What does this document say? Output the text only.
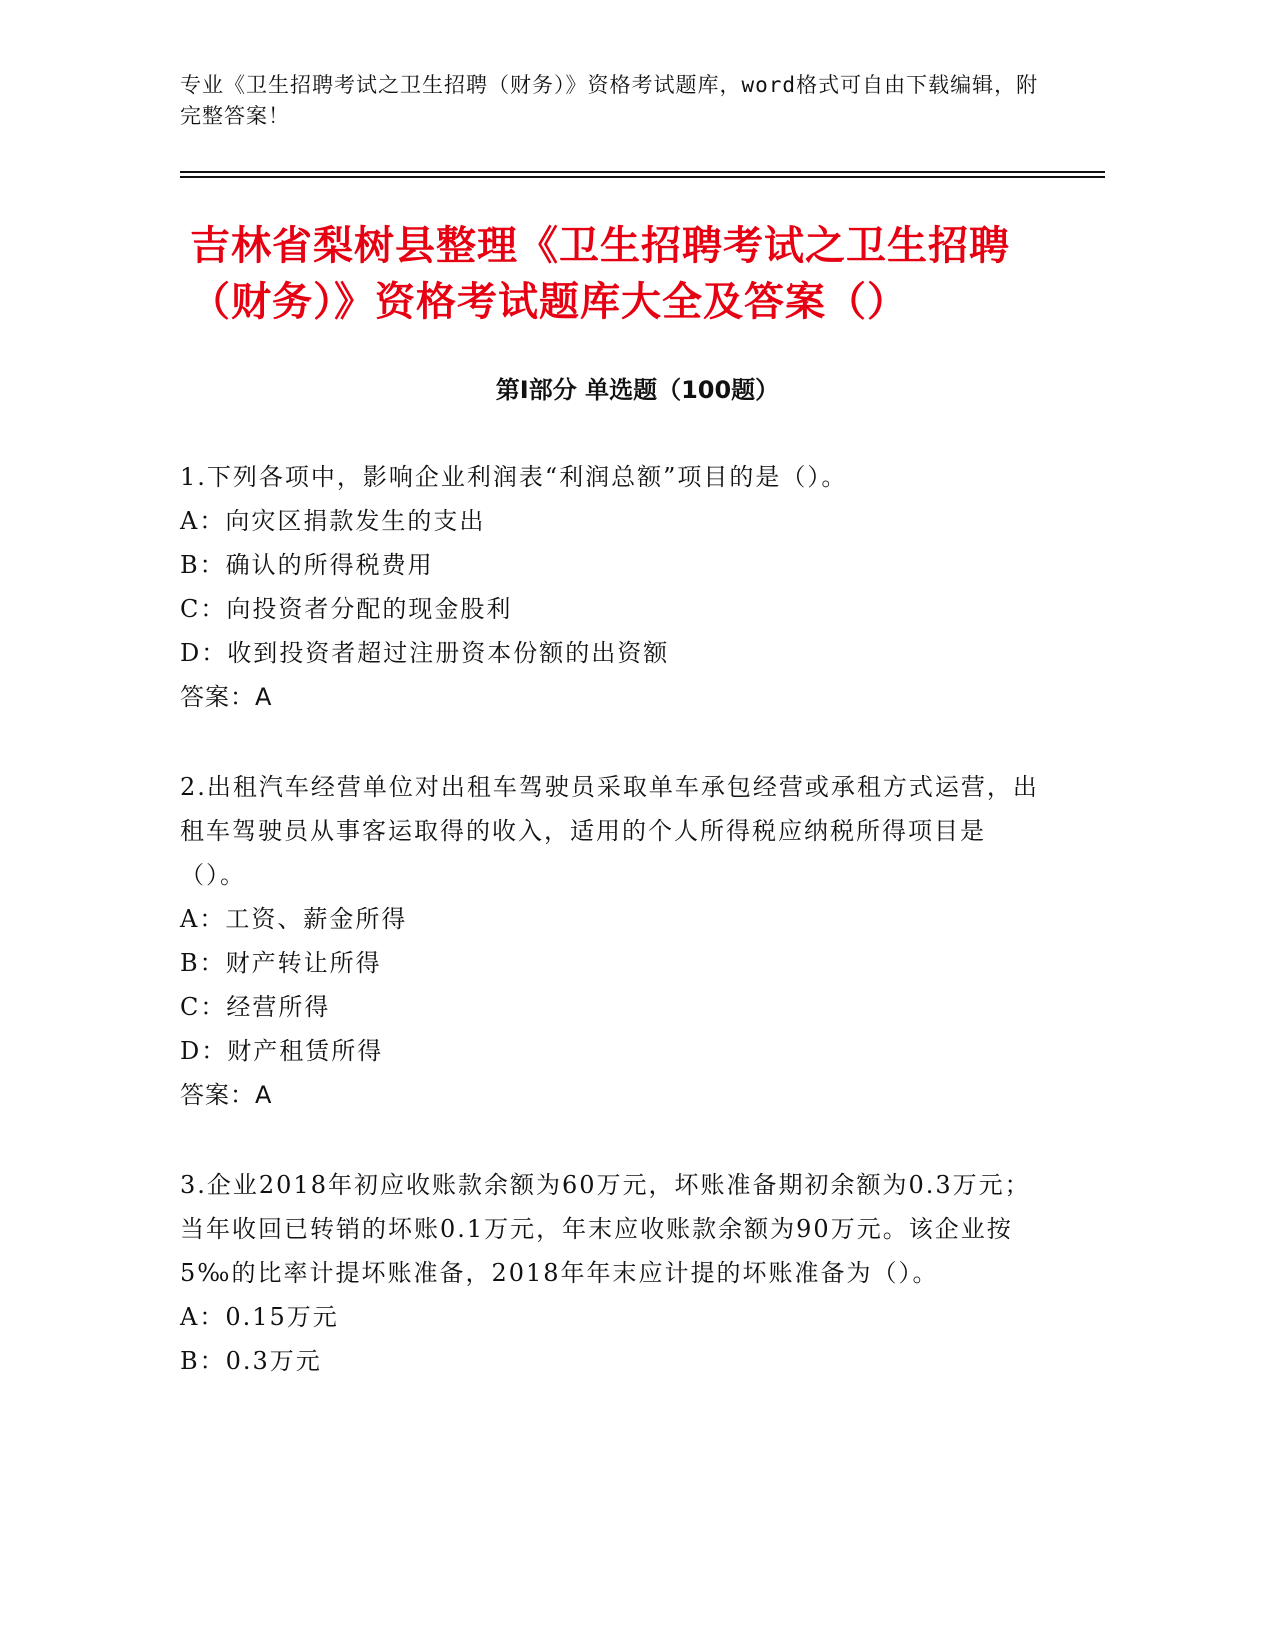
专业《卫生招聘考试之卫生招聘（财务）》资格考试题库，word格式可自由下载编辑，附完整答案！
吉林省梨树县整理《卫生招聘考试之卫生招聘（财务）》资格考试题库大全及答案（）
第Ⅰ部分 单选题（100题）
1.下列各项中，影响企业利润表“利润总额”项目的是（）。
A：向灾区捐款发生的支出
B：确认的所得税费用
C：向投资者分配的现金股利
D：收到投资者超过注册资本份额的出资额
答案：A
2.出租汽车经营单位对出租车驾驶员采取单车承包经营或承租方式运营，出租车驾驶员从事客运取得的收入，适用的个人所得税应纳税所得项目是（）。
A：工资、薪金所得
B：财产转让所得
C：经营所得
D：财产租赁所得
答案：A
3.企业2018年初应收账款余额为60万元，坏账准备期初余额为0.3万元；当年收回已转销的坏账0.1万元，年末应收账款余额为90万元。该企业按5‰的比率计提坏账准备，2018年年末应计提的坏账准备为（）。
A：0.15万元
B：0.3万元
